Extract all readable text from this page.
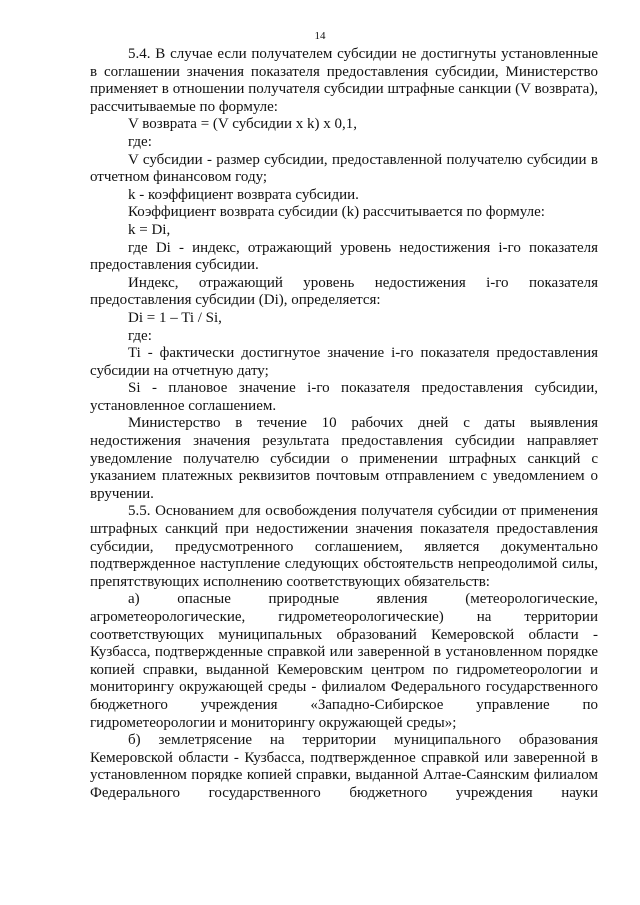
14

5.4. В случае если получателем субсидии не достигнуты установленные в соглашении значения показателя предоставления субсидии, Министерство применяет в отношении получателя субсидии штрафные санкции (V возврата), рассчитываемые по формуле:

V возврата = (V субсидии x k) x 0,1,

где:

V субсидии - размер субсидии, предоставленной получателю субсидии в отчетном финансовом году;

k - коэффициент возврата субсидии.

Коэффициент возврата субсидии (k) рассчитывается по формуле:

k = Di,

где Di - индекс, отражающий уровень недостижения i-го показателя предоставления субсидии.

Индекс, отражающий уровень недостижения i-го показателя предоставления субсидии (Di), определяется:

Di = 1 – Ti / Si,

где:

Ti - фактически достигнутое значение i-го показателя предоставления субсидии на отчетную дату;

Si - плановое значение i-го показателя предоставления субсидии, установленное соглашением.

Министерство в течение 10 рабочих дней с даты выявления недостижения значения результата предоставления субсидии направляет уведомление получателю субсидии о применении штрафных санкций с указанием платежных реквизитов почтовым отправлением с уведомлением о вручении.

5.5. Основанием для освобождения получателя субсидии от применения штрафных санкций при недостижении значения показателя предоставления субсидии, предусмотренного соглашением, является документально подтвержденное наступление следующих обстоятельств непреодолимой силы, препятствующих исполнению соответствующих обязательств:

а) опасные природные явления (метеорологические, агрометеорологические, гидрометеорологические) на территории соответствующих муниципальных образований Кемеровской области - Кузбасса, подтвержденные справкой или заверенной в установленном порядке копией справки, выданной Кемеровским центром по гидрометеорологии и мониторингу окружающей среды - филиалом Федерального государственного бюджетного учреждения «Западно-Сибирское управление по гидрометеорологии и мониторингу окружающей среды»;

б) землетрясение на территории муниципального образования Кемеровской области - Кузбасса, подтвержденное справкой или заверенной в установленном порядке копией справки, выданной Алтае-Саянским филиалом Федерального государственного бюджетного учреждения науки
